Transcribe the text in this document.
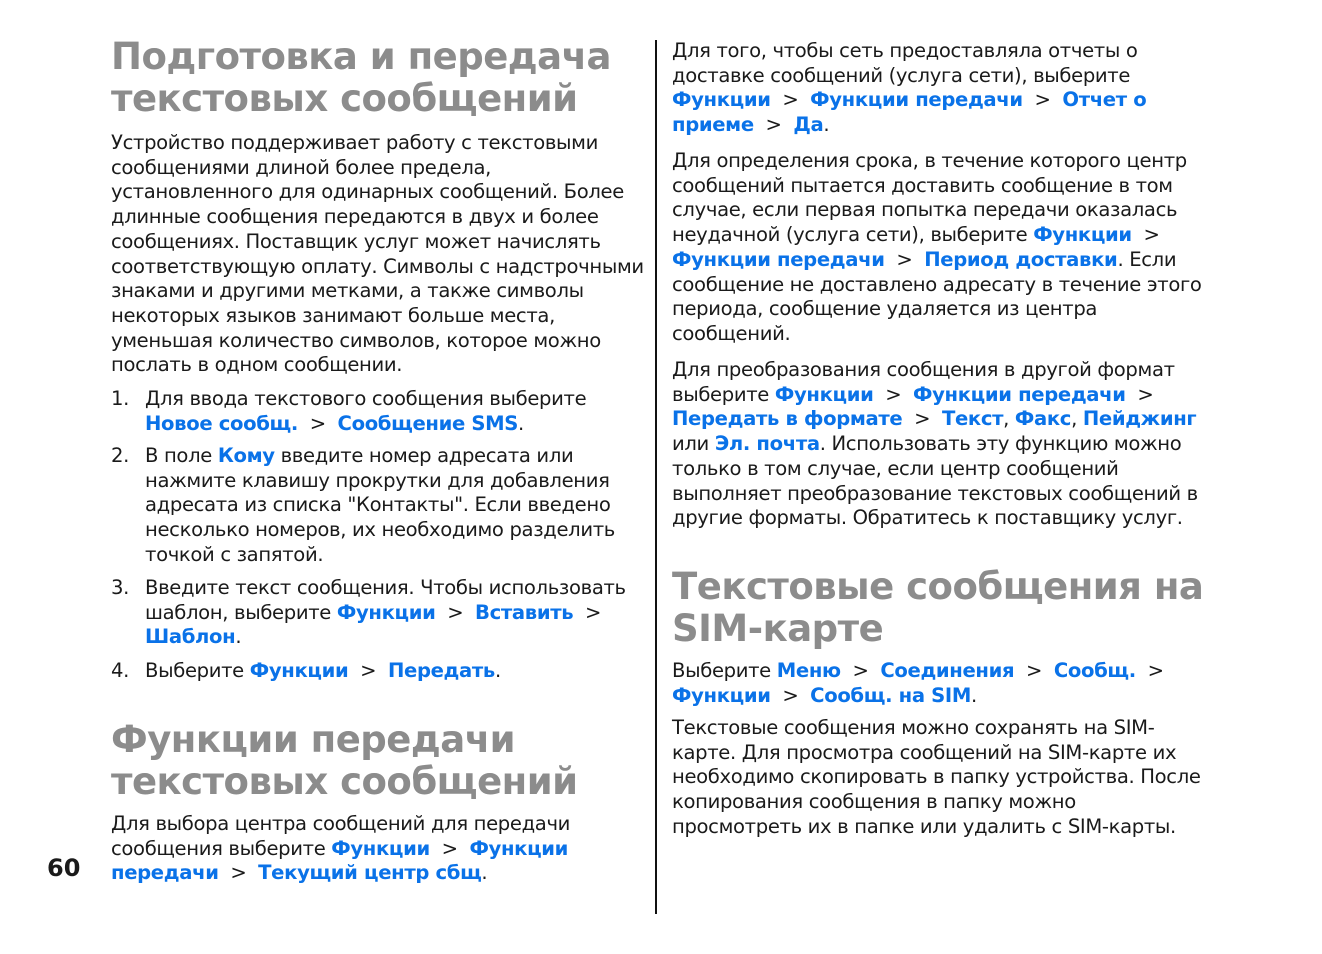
Подготовка и передача текстовых сообщений

Устройство поддерживает работу с текстовыми сообщениями длиной более предела, установленного для одинарных сообщений. Более длинные сообщения передаются в двух и более сообщениях. Поставщик услуг может начислять соответствующую оплату. Символы с надстрочными знаками и другими метками, а также символы некоторых языков занимают больше места, уменьшая количество символов, которое можно послать в одном сообщении.

1. Для ввода текстового сообщения выберите Новое сообщ.  >  Сообщение SMS.
2. В поле Кому введите номер адресата или нажмите клавишу прокрутки для добавления адресата из списка "Контакты". Если введено несколько номеров, их необходимо разделить точкой с запятой.
3. Введите текст сообщения. Чтобы использовать шаблон, выберите Функции  >  Вставить  >  Шаблон.
4. Выберите Функции  >  Передать.
Функции передачи текстовых сообщений

Для выбора центра сообщений для передачи сообщения выберите Функции  >  Функции передачи  >  Текущий центр сбщ.

60

Для того, чтобы сеть предоставляла отчеты о доставке сообщений (услуга сети), выберите Функции  >  Функции передачи  >  Отчет о приеме  >  Да.

Для определения срока, в течение которого центр сообщений пытается доставить сообщение в том случае, если первая попытка передачи оказалась неудачной (услуга сети), выберите Функции  >  Функции передачи  >  Период доставки. Если сообщение не доставлено адресату в течение этого периода, сообщение удаляется из центра сообщений.

Для преобразования сообщения в другой формат выберите Функции  >  Функции передачи  >  Передать в формате  >  Текст, Факс, Пейджинг или Эл. почта. Использовать эту функцию можно только в том случае, если центр сообщений выполняет преобразование текстовых сообщений в другие форматы. Обратитесь к поставщику услуг.

Текстовые сообщения на SIM-карте

Выберите Меню  >  Соединения  >  Сообщ.  >  Функции  >  Сообщ. на SIM.

Текстовые сообщения можно сохранять на SIM-карте. Для просмотра сообщений на SIM-карте их необходимо скопировать в папку устройства. После копирования сообщения в папку можно просмотреть их в папке или удалить с SIM-карты.
